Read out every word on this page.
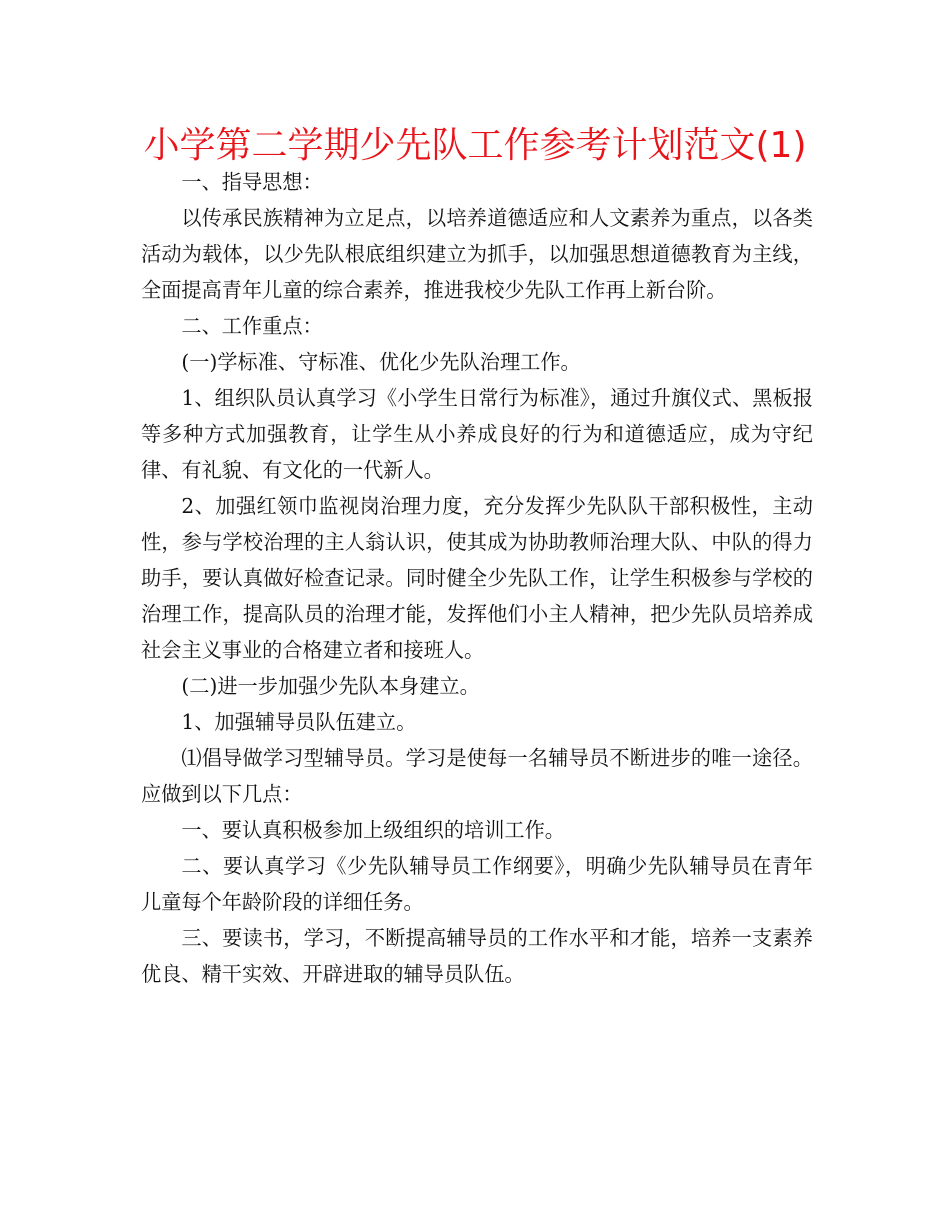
小学第二学期少先队工作参考计划范文(1)

一、指导思想：

以传承民族精神为立足点，以培养道德适应和人文素养为重点，以各类活动为载体，以少先队根底组织建立为抓手，以加强思想道德教育为主线，全面提高青年儿童的综合素养，推进我校少先队工作再上新台阶。

二、工作重点：

(一)学标准、守标准、优化少先队治理工作。

1、组织队员认真学习《小学生日常行为标准》，通过升旗仪式、黑板报等多种方式加强教育，让学生从小养成良好的行为和道德适应，成为守纪律、有礼貌、有文化的一代新人。

2、加强红领巾监视岗治理力度，充分发挥少先队队干部积极性，主动性，参与学校治理的主人翁认识，使其成为协助教师治理大队、中队的得力助手，要认真做好检查记录。同时健全少先队工作，让学生积极参与学校的治理工作，提高队员的治理才能，发挥他们小主人精神，把少先队员培养成社会主义事业的合格建立者和接班人。

(二)进一步加强少先队本身建立。

1、加强辅导员队伍建立。

⑴倡导做学习型辅导员。学习是使每一名辅导员不断进步的唯一途径。应做到以下几点：

一、要认真积极参加上级组织的培训工作。

二、要认真学习《少先队辅导员工作纲要》，明确少先队辅导员在青年儿童每个年龄阶段的详细任务。

三、要读书，学习，不断提高辅导员的工作水平和才能，培养一支素养优良、精干实效、开辟进取的辅导员队伍。
